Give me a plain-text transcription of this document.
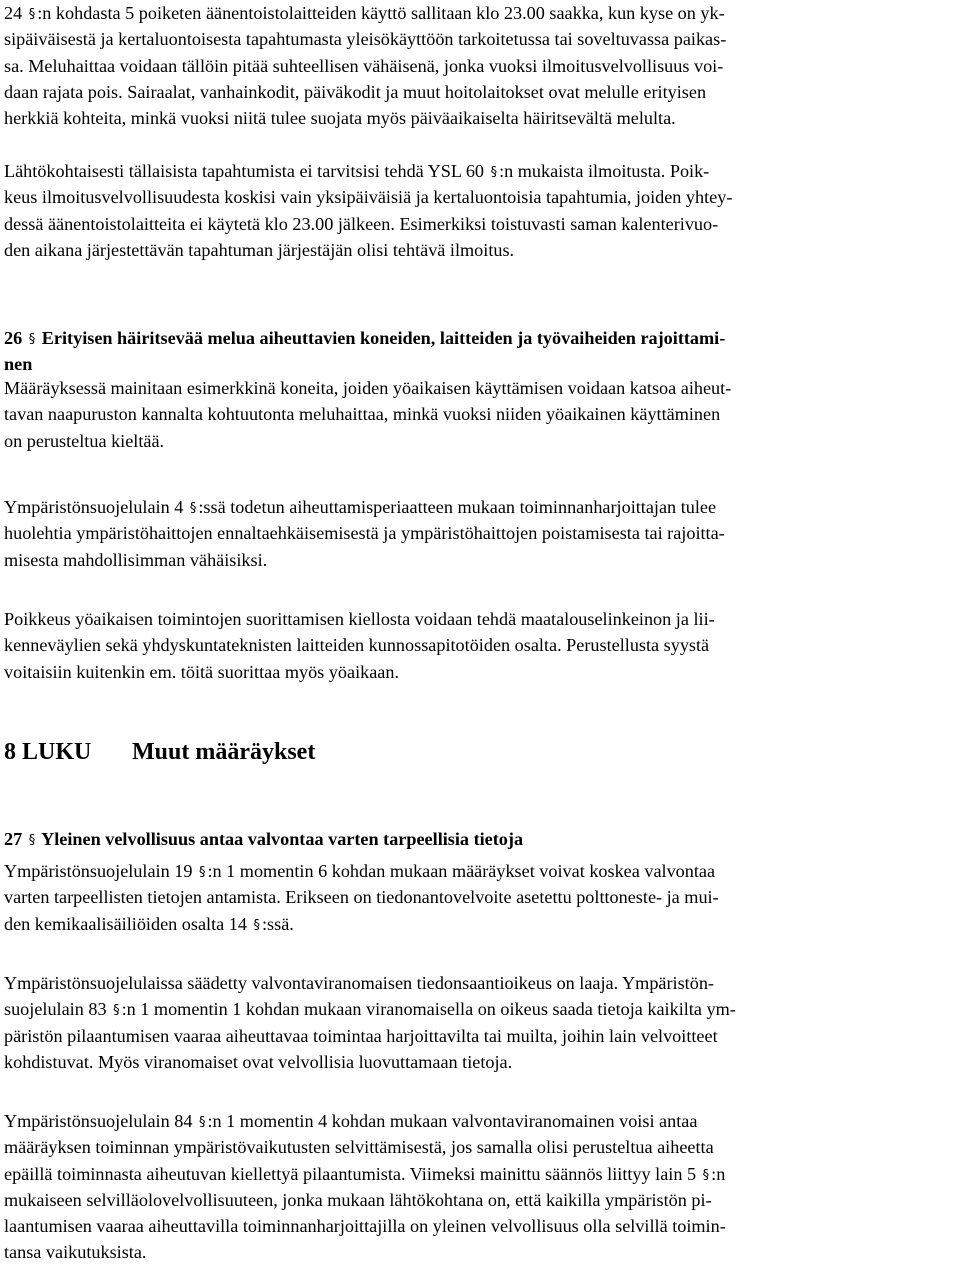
24 § :n kohdasta 5 poiketen äänentoistolaitteiden käyttö sallitaan klo 23.00 saakka, kun kyse on yk-
sipäiväisestä ja kertaluontoisesta tapahtumasta yleisökäyttöön tarkoitetussa tai soveltuvassa paikas-
sa. Meluhaittaa voidaan tällöin pitää suhteellisen vähäisenä, jonka vuoksi ilmoitusvelvollisuus voi-
daan rajata pois. Sairaalat, vanhainkodit, päiväkodit ja muut hoitolaitokset ovat melulle erityisen
herkkiä kohteita, minkä vuoksi niitä tulee suojata myös päiväaikaiselta häiritsevältä melulta.
Lähtökohtaisesti tällaisista tapahtumista ei tarvitsisi tehdä YSL 60 § :n mukaista ilmoitusta. Poik-
keus ilmoitusvelvollisuudesta koskisi vain yksipäiväisiä ja kertaluontoisia tapahtumia, joiden yhtey-
dessä äänentoistolaitteita ei käytetä klo 23.00 jälkeen. Esimerkiksi toistuvasti saman kalenterivuo-
den aikana järjestettävän tapahtuman järjestäjän olisi tehtävä ilmoitus.
26 § Erityisen häiritsevää melua aiheuttavien koneiden, laitteiden ja työvaiheiden rajoittami-
nen
Määräyksessä mainitaan esimerkkinä koneita, joiden yöaikaisen käyttämisen voidaan katsoa aiheut-
tavan naapuruston kannalta kohtuutonta meluhaittaa, minkä vuoksi niiden yöaikainen käyttäminen
on perusteltua kieltää.
Ympäristönsuojelulain 4 § :ssä todetun aiheuttamisperiaatteen mukaan toiminnanharjoittajan tulee
huolehtia ympäristöhaittojen ennaltaehkäisemisestä ja ympäristöhaittojen poistamisesta tai rajoitta-
misesta mahdollisimman vähäisiksi.
Poikkeus yöaikaisen toimintojen suorittamisen kiellosta voidaan tehdä maatalouselinkeinon ja lii-
kenneväylien sekä yhdyskuntateknisten laitteiden kunnossapitotöiden osalta. Perustellusta syystä
voitaisiin kuitenkin em. töitä suorittaa myös yöaikaan.
8 LUKU Muut määräykset
27 § Yleinen velvollisuus antaa valvontaa varten tarpeellisia tietoja
Ympäristönsuojelulain 19 § :n 1 momentin 6 kohdan mukaan määräykset voivat koskea valvontaa
varten tarpeellisten tietojen antamista. Erikseen on tiedonantovelvoite asetettu polttoneste- ja mui-
den kemikaalisäiliöiden osalta 14 § :ssä.
Ympäristönsuojelulaissa säädetty valvontaviranomaisen tiedonsaantioikeus on laaja. Ympäristön-
suojelulain 83 § :n 1 momentin 1 kohdan mukaan viranomaisella on oikeus saada tietoja kaikilta ym-
päristön pilaantumisen vaaraa aiheuttavaa toimintaa harjoittavilta tai muilta, joihin lain velvoitteet
kohdistuvat. Myös viranomaiset ovat velvollisia luovuttamaan tietoja.
Ympäristönsuojelulain 84 § :n 1 momentin 4 kohdan mukaan valvontaviranomainen voisi antaa
määräyksen toiminnan ympäristövaikutusten selvittämisestä, jos samalla olisi perusteltua aiheetta
epäillä toiminnasta aiheutuvan kiellettyä pilaantumista. Viimeksi mainittu säännös liittyy lain 5 § :n
mukaiseen selvilläolovelvollisuuteen, jonka mukaan lähtökohtana on, että kaikilla ympäristön pi-
laantumisen vaaraa aiheuttavilla toiminnanharjoittajilla on yleinen velvollisuus olla selvillä toimin-
tansa vaikutuksista.
